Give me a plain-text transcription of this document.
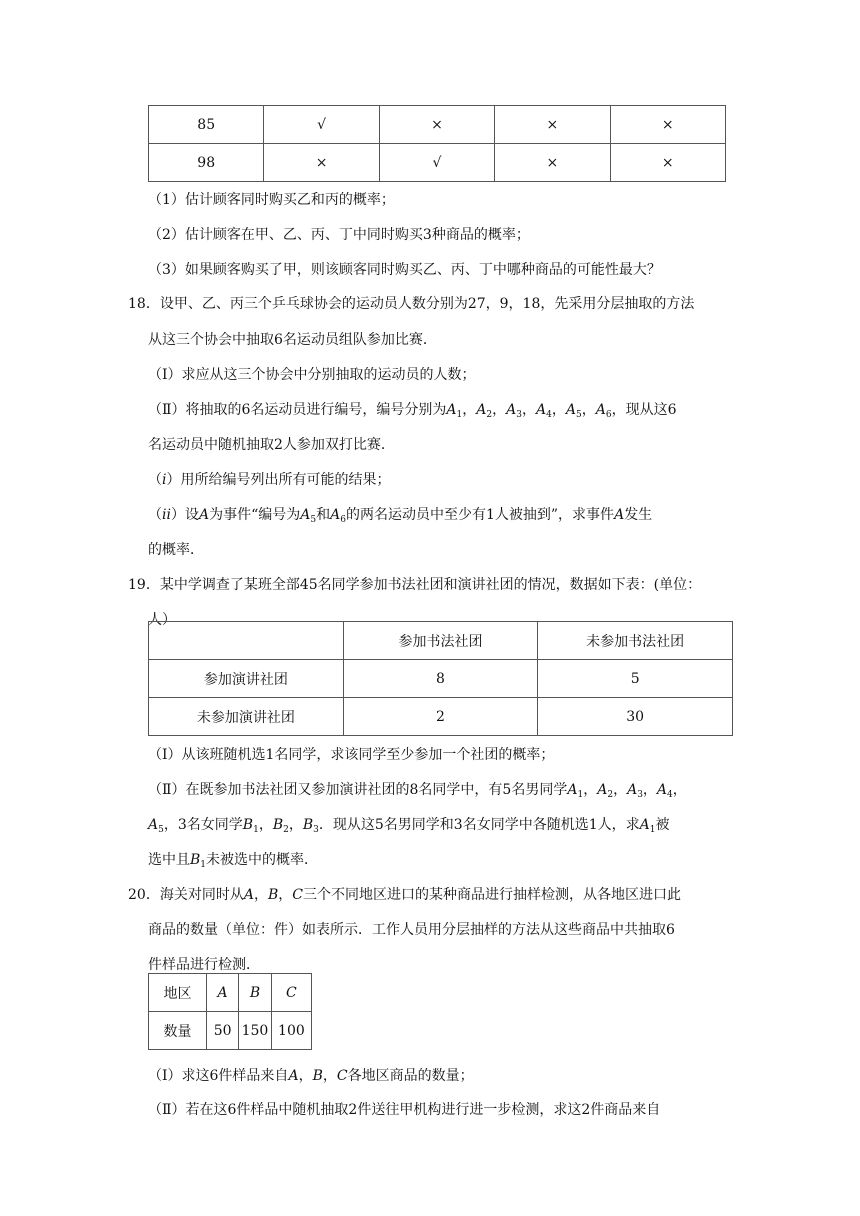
85	√	×	×	×
98	×	√	×	×
（1）估计顾客同时购买乙和丙的概率；
（2）估计顾客在甲、乙、丙、丁中同时购买3种商品的概率；
（3）如果顾客购买了甲，则该顾客同时购买乙、丙、丁中哪种商品的可能性最大？
18．设甲、乙、丙三个乒乓球协会的运动员人数分别为27，9，18，先采用分层抽取的方法
从这三个协会中抽取6名运动员组队参加比赛．
（Ⅰ）求应从这三个协会中分别抽取的运动员的人数；
（Ⅱ）将抽取的6名运动员进行编号，编号分别为$A_1$，$A_2$，$A_3$，$A_4$，$A_5$，$A_6$，现从这6
名运动员中随机抽取2人参加双打比赛．
（i）用所给编号列出所有可能的结果；
（ii）设A为事件“编号为$A_5$和$A_6$的两名运动员中至少有1人被抽到”，求事件A发生
的概率．
19．某中学调查了某班全部45名同学参加书法社团和演讲社团的情况，数据如下表：(单位：
人）
	参加书法社团	未参加书法社团
参加演讲社团	8	5
未参加演讲社团	2	30
（Ⅰ）从该班随机选1名同学，求该同学至少参加一个社团的概率；
（Ⅱ）在既参加书法社团又参加演讲社团的8名同学中，有5名男同学$A_1$，$A_2$，$A_3$，$A_4$，
$A_5$，3名女同学$B_1$，$B_2$，$B_3$．现从这5名男同学和3名女同学中各随机选1人，求$A_1$被
选中且$B_1$未被选中的概率．
20．海关对同时从A，B，C三个不同地区进口的某种商品进行抽样检测，从各地区进口此
商品的数量（单位：件）如表所示．工作人员用分层抽样的方法从这些商品中共抽取6
件样品进行检测．
地区	A	B	C
数量	50	150	100
（Ⅰ）求这6件样品来自A，B，C各地区商品的数量；
（Ⅱ）若在这6件样品中随机抽取2件送往甲机构进行进一步检测，求这2件商品来自
